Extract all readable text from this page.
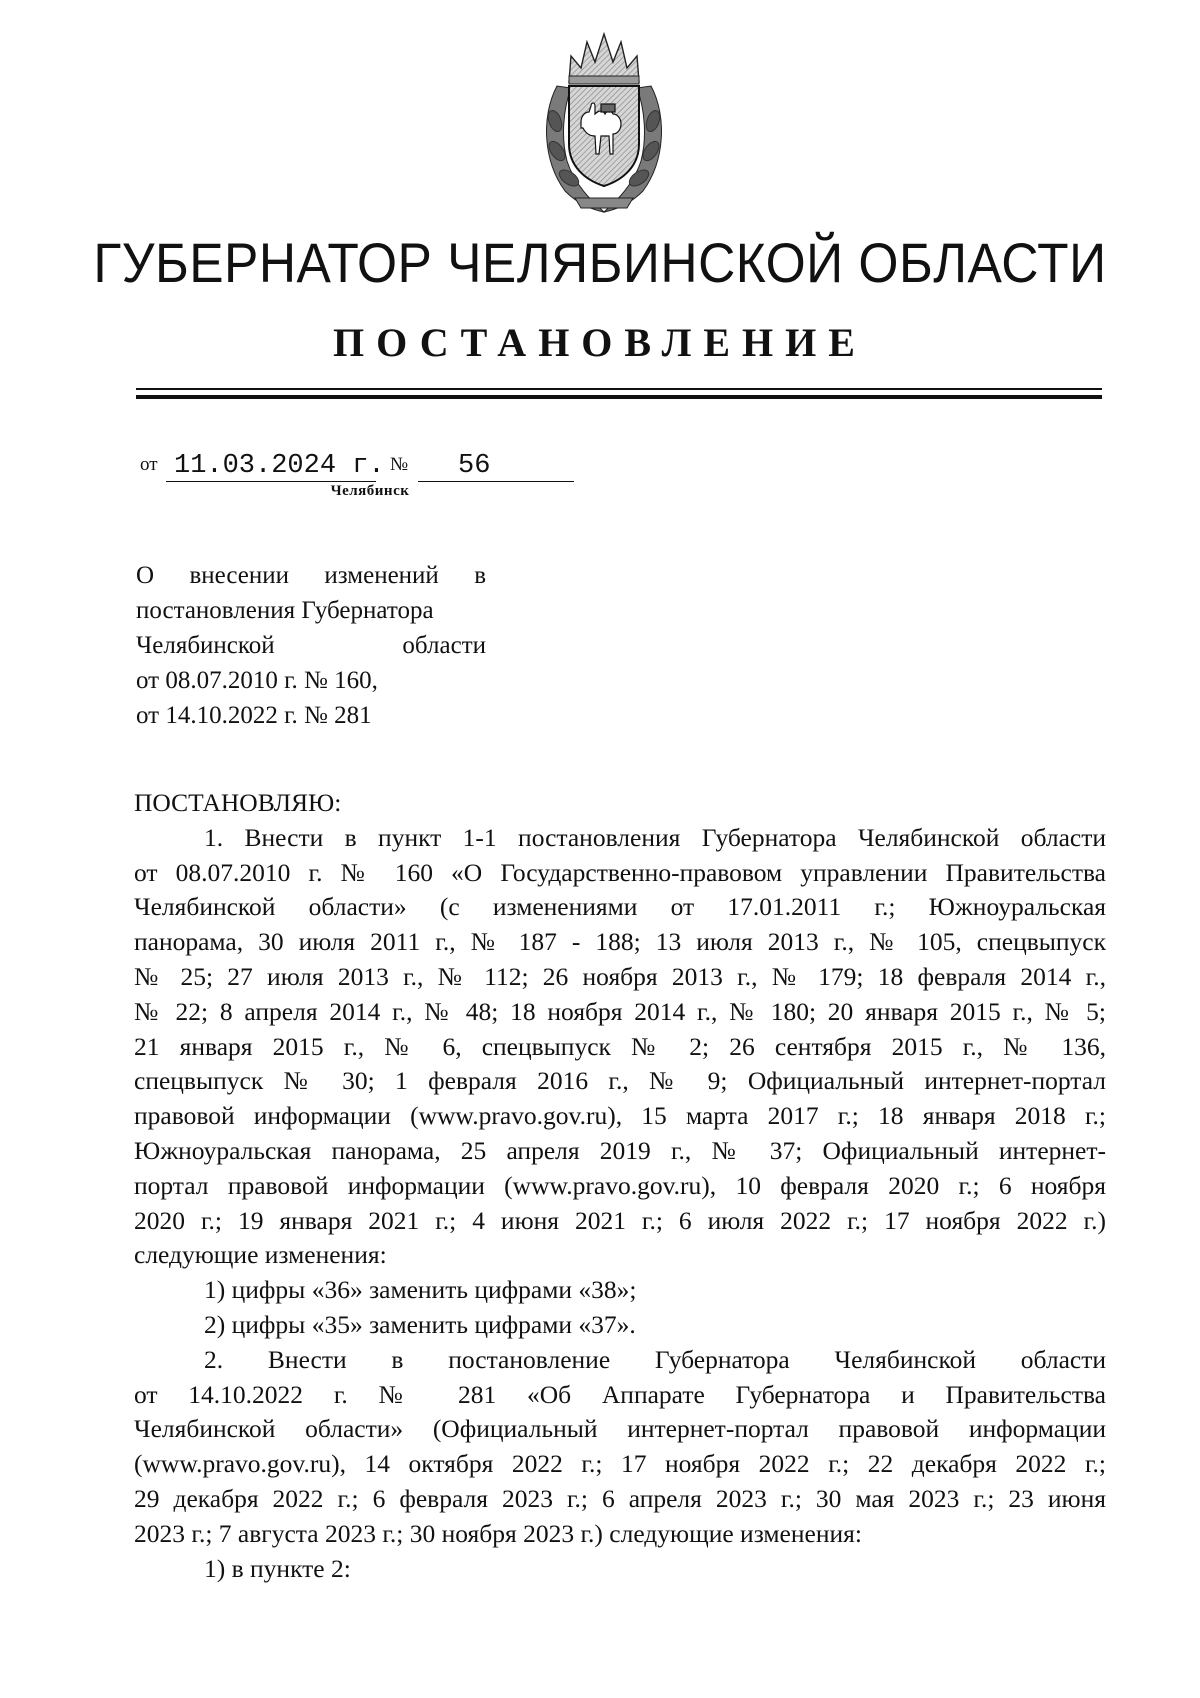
ГУБЕРНАТОР ЧЕЛЯБИНСКОЙ ОБЛАСТИ
ПОСТАНОВЛЕНИЕ
от 11.03.2024 г. №	56
Челябинск
О внесении изменений в
постановления Губернатора
Челябинской области
от 08.07.2010 г. № 160,
от 14.10.2022 г. № 281
ПОСТАНОВЛЯЮ:
1. Внести в пункт 1-1 постановления Губернатора Челябинской области
от 08.07.2010 г. № 160 «О Государственно-правовом управлении Правительства
Челябинской области» (с изменениями от 17.01.2011 г.; Южноуральская
панорама, 30 июля 2011 г., № 187 - 188; 13 июля 2013 г., № 105, спецвыпуск
№ 25; 27 июля 2013 г., № 112; 26 ноября 2013 г., № 179; 18 февраля 2014 г.,
№ 22; 8 апреля 2014 г., № 48; 18 ноября 2014 г., № 180; 20 января 2015 г., № 5;
21 января 2015 г., № 6, спецвыпуск № 2; 26 сентября 2015 г., № 136,
спецвыпуск № 30; 1 февраля 2016 г., № 9; Официальный интернет-портал
правовой информации (www.pravo.gov.ru), 15 марта 2017 г.; 18 января 2018 г.;
Южноуральская панорама, 25 апреля 2019 г., № 37; Официальный интернет-
портал правовой информации (www.pravo.gov.ru), 10 февраля 2020 г.; 6 ноября
2020 г.; 19 января 2021 г.; 4 июня 2021 г.; 6 июля 2022 г.; 17 ноября 2022 г.)
следующие изменения:
1) цифры «36» заменить цифрами «38»;
2) цифры «35» заменить цифрами «37».
2. Внести в постановление Губернатора Челябинской области
от 14.10.2022 г. № 281 «Об Аппарате Губернатора и Правительства
Челябинской области» (Официальный интернет-портал правовой информации
(www.pravo.gov.ru), 14 октября 2022 г.; 17 ноября 2022 г.; 22 декабря 2022 г.;
29 декабря 2022 г.; 6 февраля 2023 г.; 6 апреля 2023 г.; 30 мая 2023 г.; 23 июня
2023 г.; 7 августа 2023 г.; 30 ноября 2023 г.) следующие изменения:
1) в пункте 2:
